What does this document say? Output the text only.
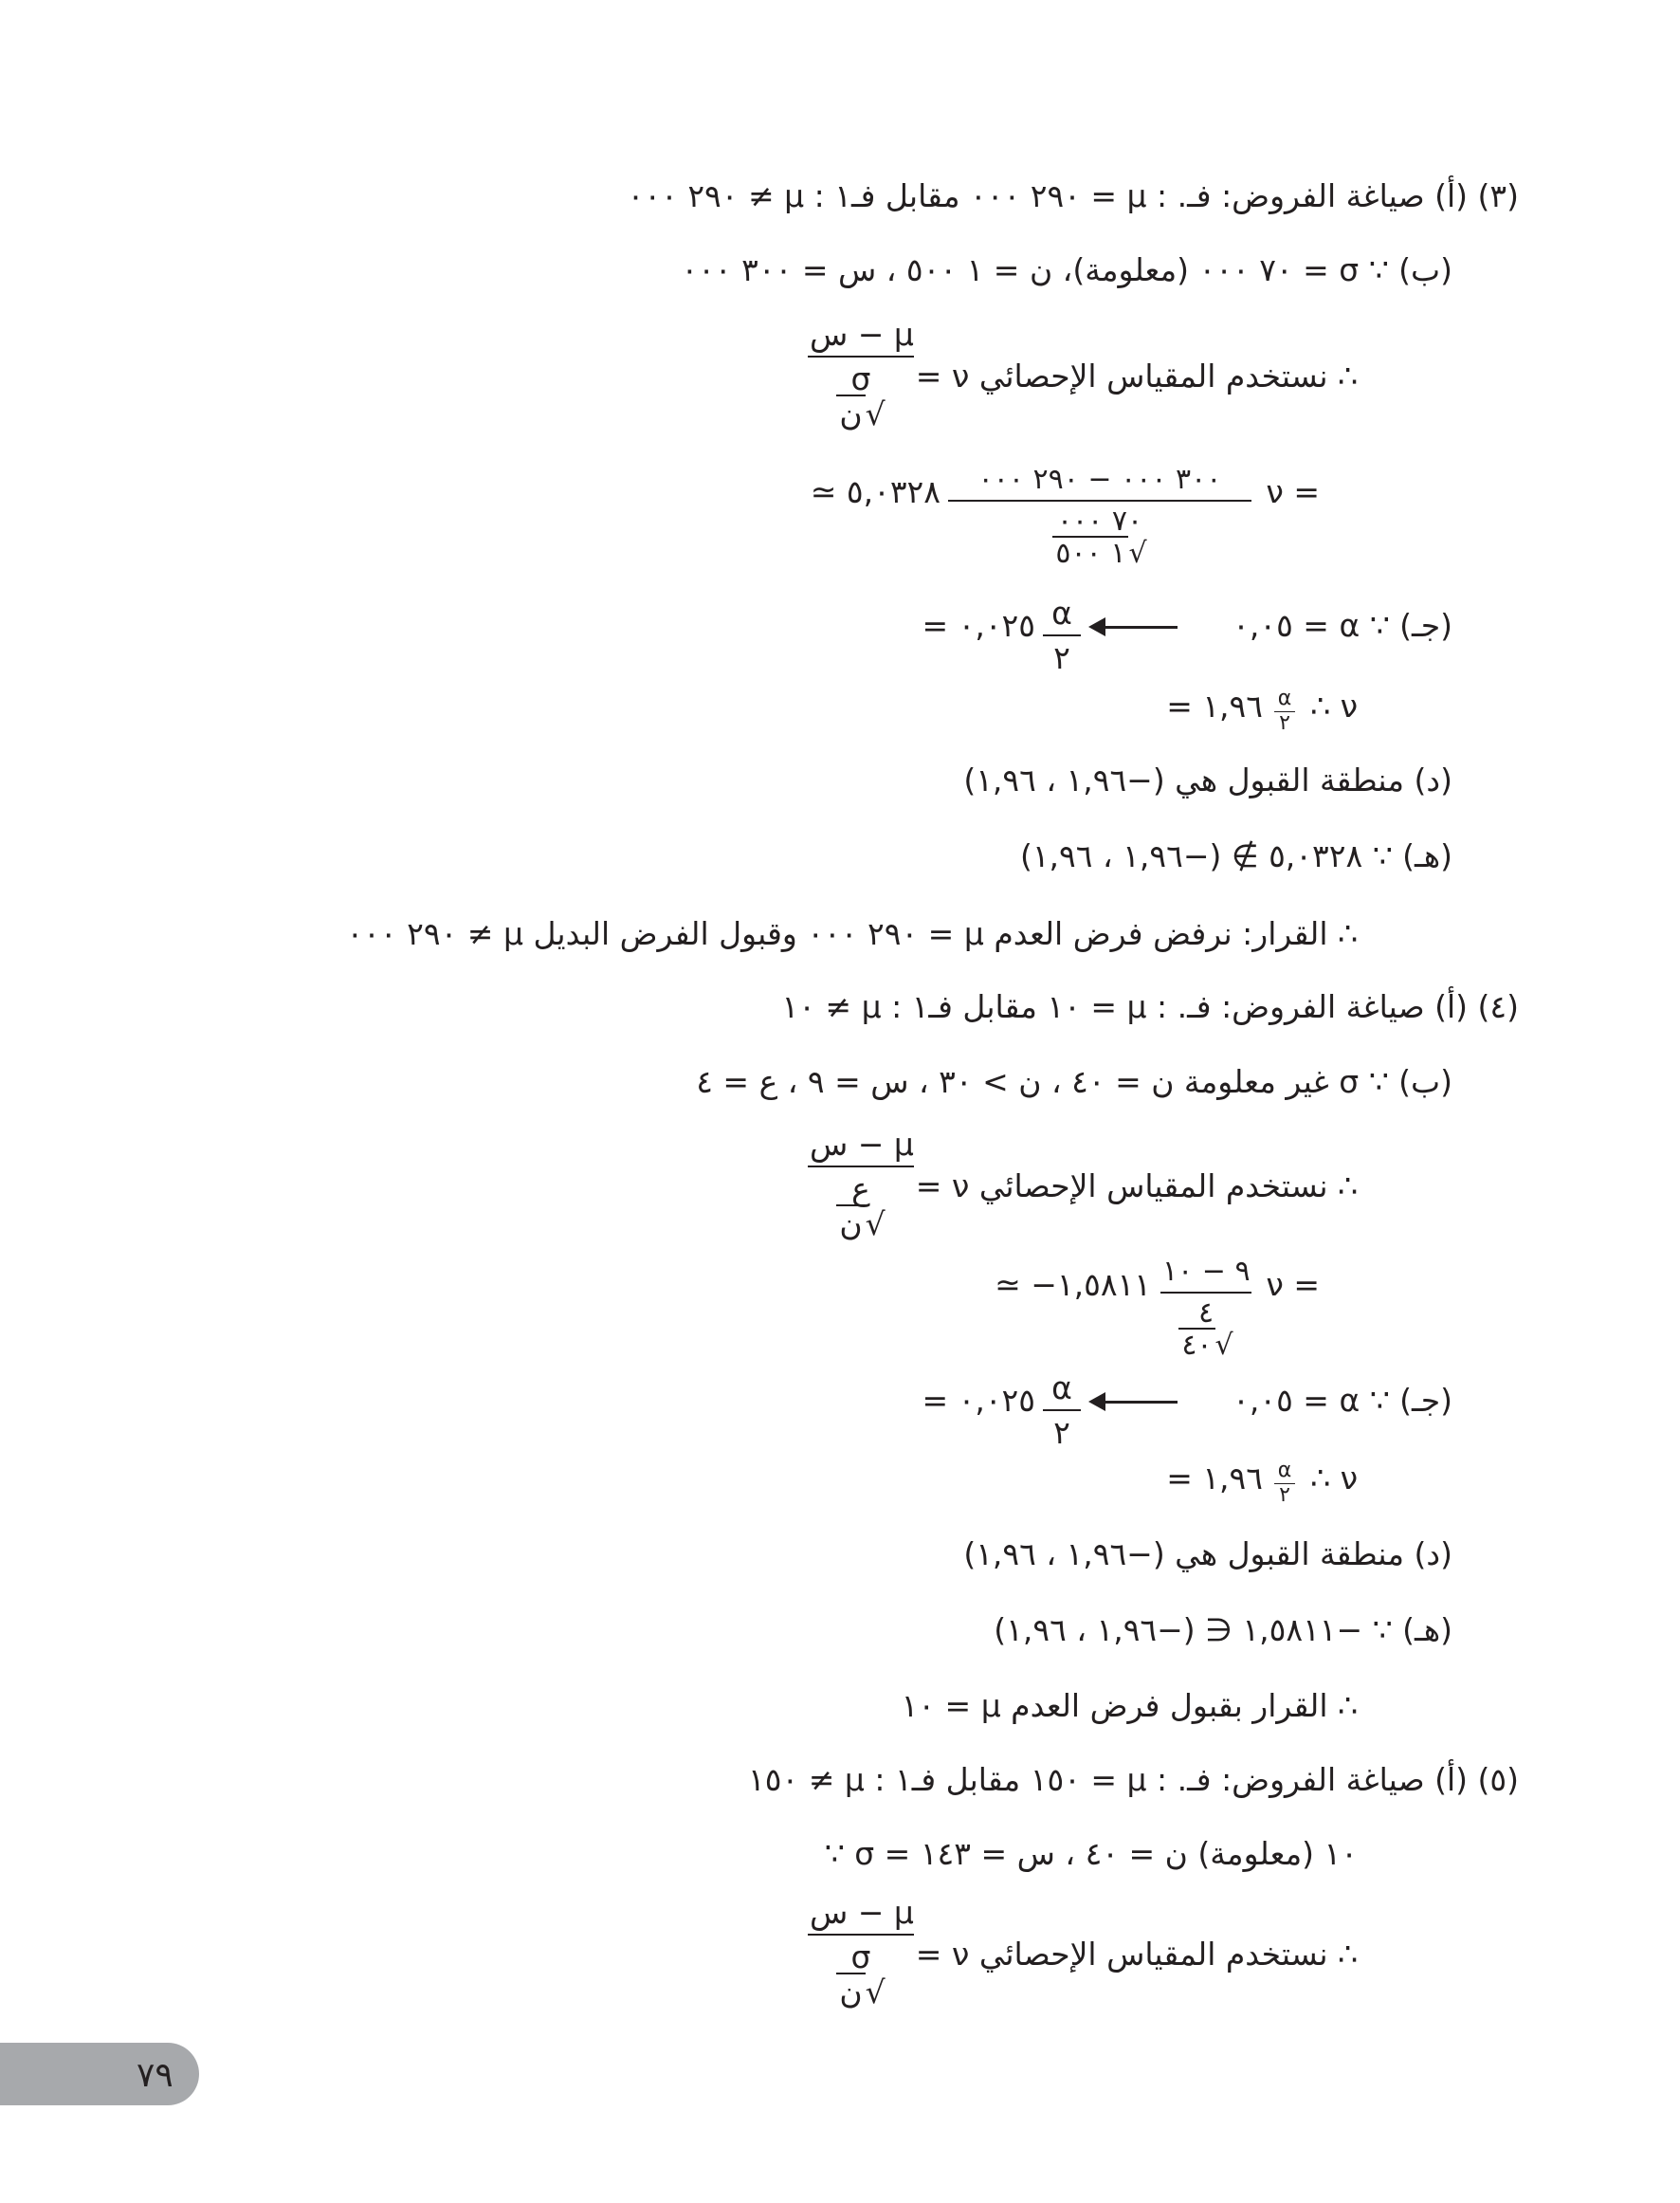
(٣) (أ) صياغة الفروض: فـ. : μ = ٢٩٠ ٠٠٠ مقابل فـ١ : μ ≠ ٢٩٠ ٠٠٠
(ب) ∵ σ = ٧٠ ٠٠٠ (معلومة)، ن = ١ ٥٠٠ ، س = ٣٠٠ ٠٠٠
∴ نستخدم المقياس الإحصائي ν =
س − μ
σ
ن√
ν =
٣٠٠ ٠٠٠ − ٢٩٠ ٠٠٠
٧٠ ٠٠٠
١ ٥٠٠ √
≃ ٥,٠٣٢٨
(جـ) ∵ α = ٠,٠٥
= ٠,٠٢٥ α
٢
∴ ν
α
٢
= ١,٩٦
(د) منطقة القبول هي (−١,٩٦ ، ١,٩٦)
(هـ) ∵ ٥,٠٣٢٨ ∌ (−١,٩٦ ، ١,٩٦)
∴ القرار: نرفض فرض العدم μ = ٢٩٠ ٠٠٠ وقبول الفرض البديل μ ≠ ٢٩٠ ٠٠٠
(٤) (أ) صياغة الفروض: فـ. : μ = ١٠ مقابل فـ١ : μ ≠ ١٠
(ب) ∵ σ غير معلومة ن = ٤٠ ، ن > ٣٠ ، س = ٩ ، ع = ٤
∴ نستخدم المقياس الإحصائي ν =
س − μ
ع
ن√
ν =
٩ − ١٠
٤
٤٠ √
≃ −١,٥٨١١
(جـ) ∵ α = ٠,٠٥
= ٠,٠٢٥ α
٢
∴ ν
α
٢
= ١,٩٦
(د) منطقة القبول هي (−١,٩٦ ، ١,٩٦)
(هـ) ∵ −١,٥٨١١ ∈ (−١,٩٦ ، ١,٩٦)
∴ القرار بقبول فرض العدم μ = ١٠
(٥) (أ) صياغة الفروض: فـ. : μ = ١٥٠ مقابل فـ١ : μ ≠ ١٥٠
∵ σ = ١٠ (معلومة) ن = ٤٠ ، س = ١٤٣
∴ نستخدم المقياس الإحصائي ν =
س − μ
σ
ن√
٧٩
